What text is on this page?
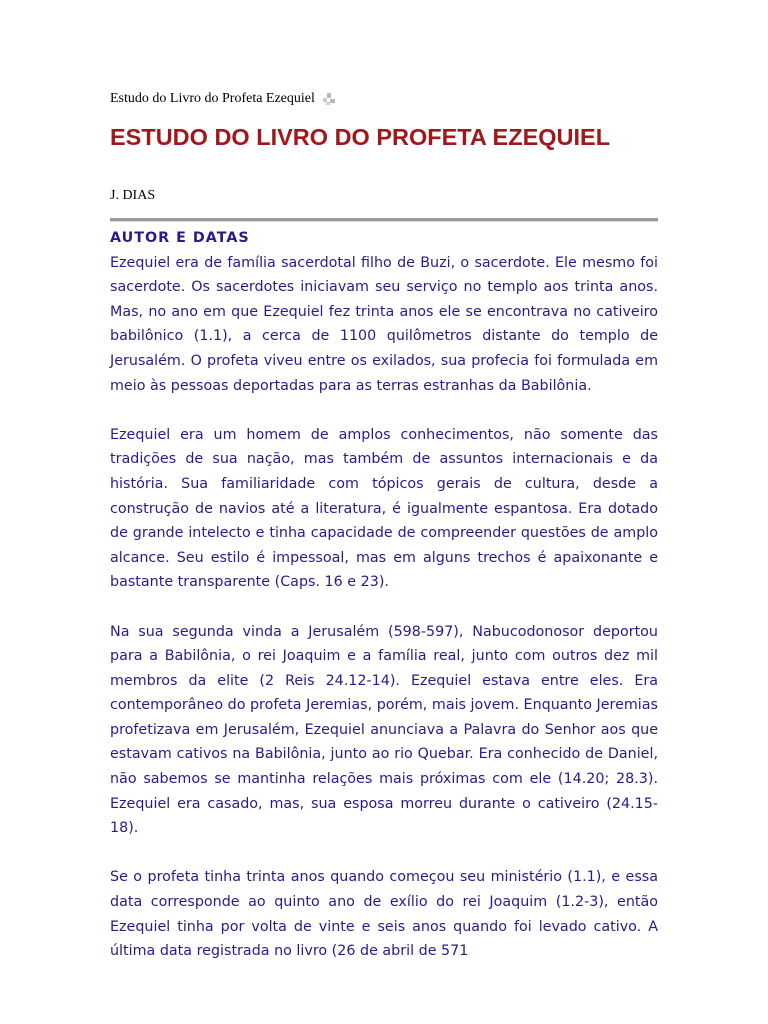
Estudo do Livro do Profeta Ezequiel
ESTUDO DO LIVRO DO PROFETA EZEQUIEL
J. DIAS

AUTOR E DATAS

Ezequiel era de família sacerdotal filho de Buzi, o sacerdote. Ele mesmo foi sacerdote. Os sacerdotes iniciavam seu serviço no templo aos trinta anos. Mas, no ano em que Ezequiel fez trinta anos ele se encontrava no cativeiro babilônico (1.1), a cerca de 1100 quilômetros distante do templo de Jerusalém. O profeta viveu entre os exilados, sua profecia foi formulada em meio às pessoas deportadas para as terras estranhas da Babilônia.

Ezequiel era um homem de amplos conhecimentos, não somente das tradições de sua nação, mas também de assuntos internacionais e da história. Sua familiaridade com tópicos gerais de cultura, desde a construção de navios até a literatura, é igualmente espantosa. Era dotado de grande intelecto e tinha capacidade de compreender questões de amplo alcance. Seu estilo é impessoal, mas em alguns trechos é apaixonante e bastante transparente (Caps. 16 e 23).

Na sua segunda vinda a Jerusalém (598-597), Nabucodonosor deportou para a Babilônia, o rei Joaquim e a família real, junto com outros dez mil membros da elite (2 Reis 24.12-14). Ezequiel estava entre eles. Era contemporâneo do profeta Jeremias, porém, mais jovem. Enquanto Jeremias profetizava em Jerusalém, Ezequiel anunciava a Palavra do Senhor aos que estavam cativos na Babilônia, junto ao rio Quebar. Era conhecido de Daniel, não sabemos se mantinha relações mais próximas com ele (14.20; 28.3). Ezequiel era casado, mas, sua esposa morreu durante o cativeiro (24.15-18).

Se o profeta tinha trinta anos quando começou seu ministério (1.1), e essa data corresponde ao quinto ano de exílio do rei Joaquim (1.2-3), então Ezequiel tinha por volta de vinte e seis anos quando foi levado cativo. A última data registrada no livro (26 de abril de 571
